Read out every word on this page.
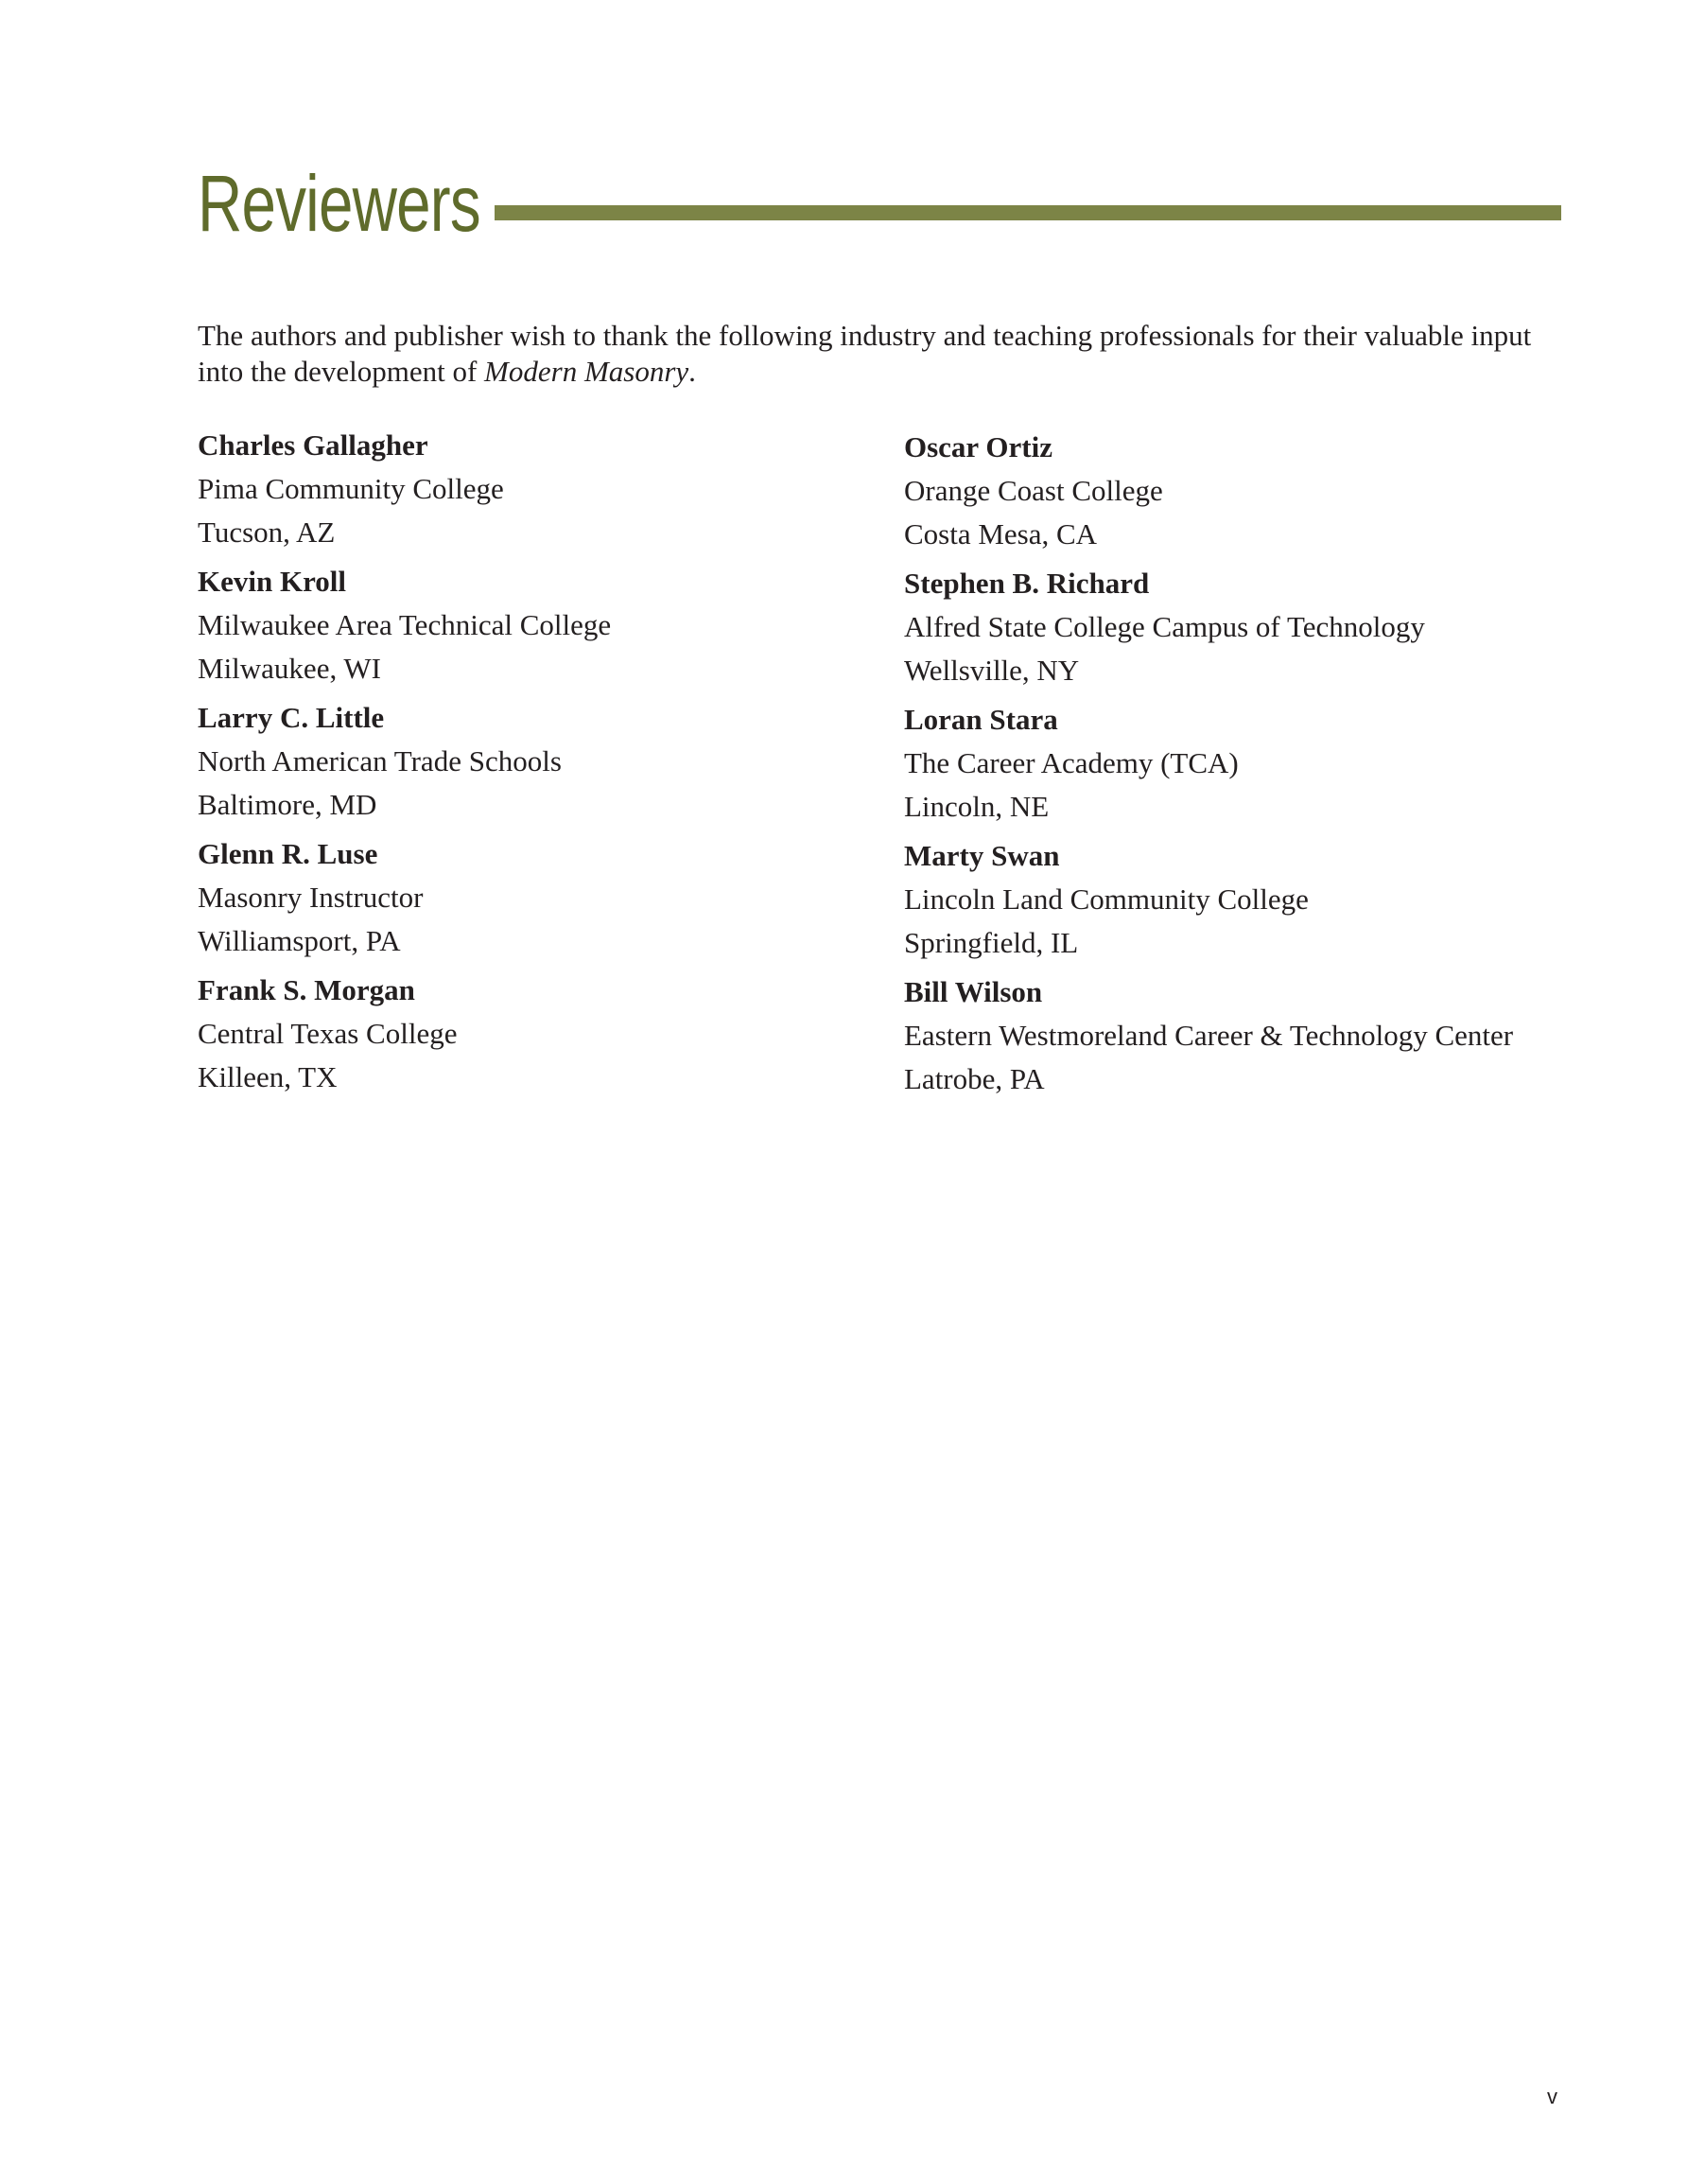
Reviewers

The authors and publisher wish to thank the following industry and teaching professionals for their valuable input into the development of Modern Masonry.

Charles Gallagher
Pima Community College
Tucson, AZ
Kevin Kroll
Milwaukee Area Technical College
Milwaukee, WI
Larry C. Little
North American Trade Schools
Baltimore, MD
Glenn R. Luse
Masonry Instructor
Williamsport, PA
Frank S. Morgan
Central Texas College
Killeen, TX
Oscar Ortiz
Orange Coast College
Costa Mesa, CA
Stephen B. Richard
Alfred State College Campus of Technology
Wellsville, NY
Loran Stara
The Career Academy (TCA)
Lincoln, NE
Marty Swan
Lincoln Land Community College
Springfield, IL
Bill Wilson
Eastern Westmoreland Career & Technology Center
Latrobe, PA
v
